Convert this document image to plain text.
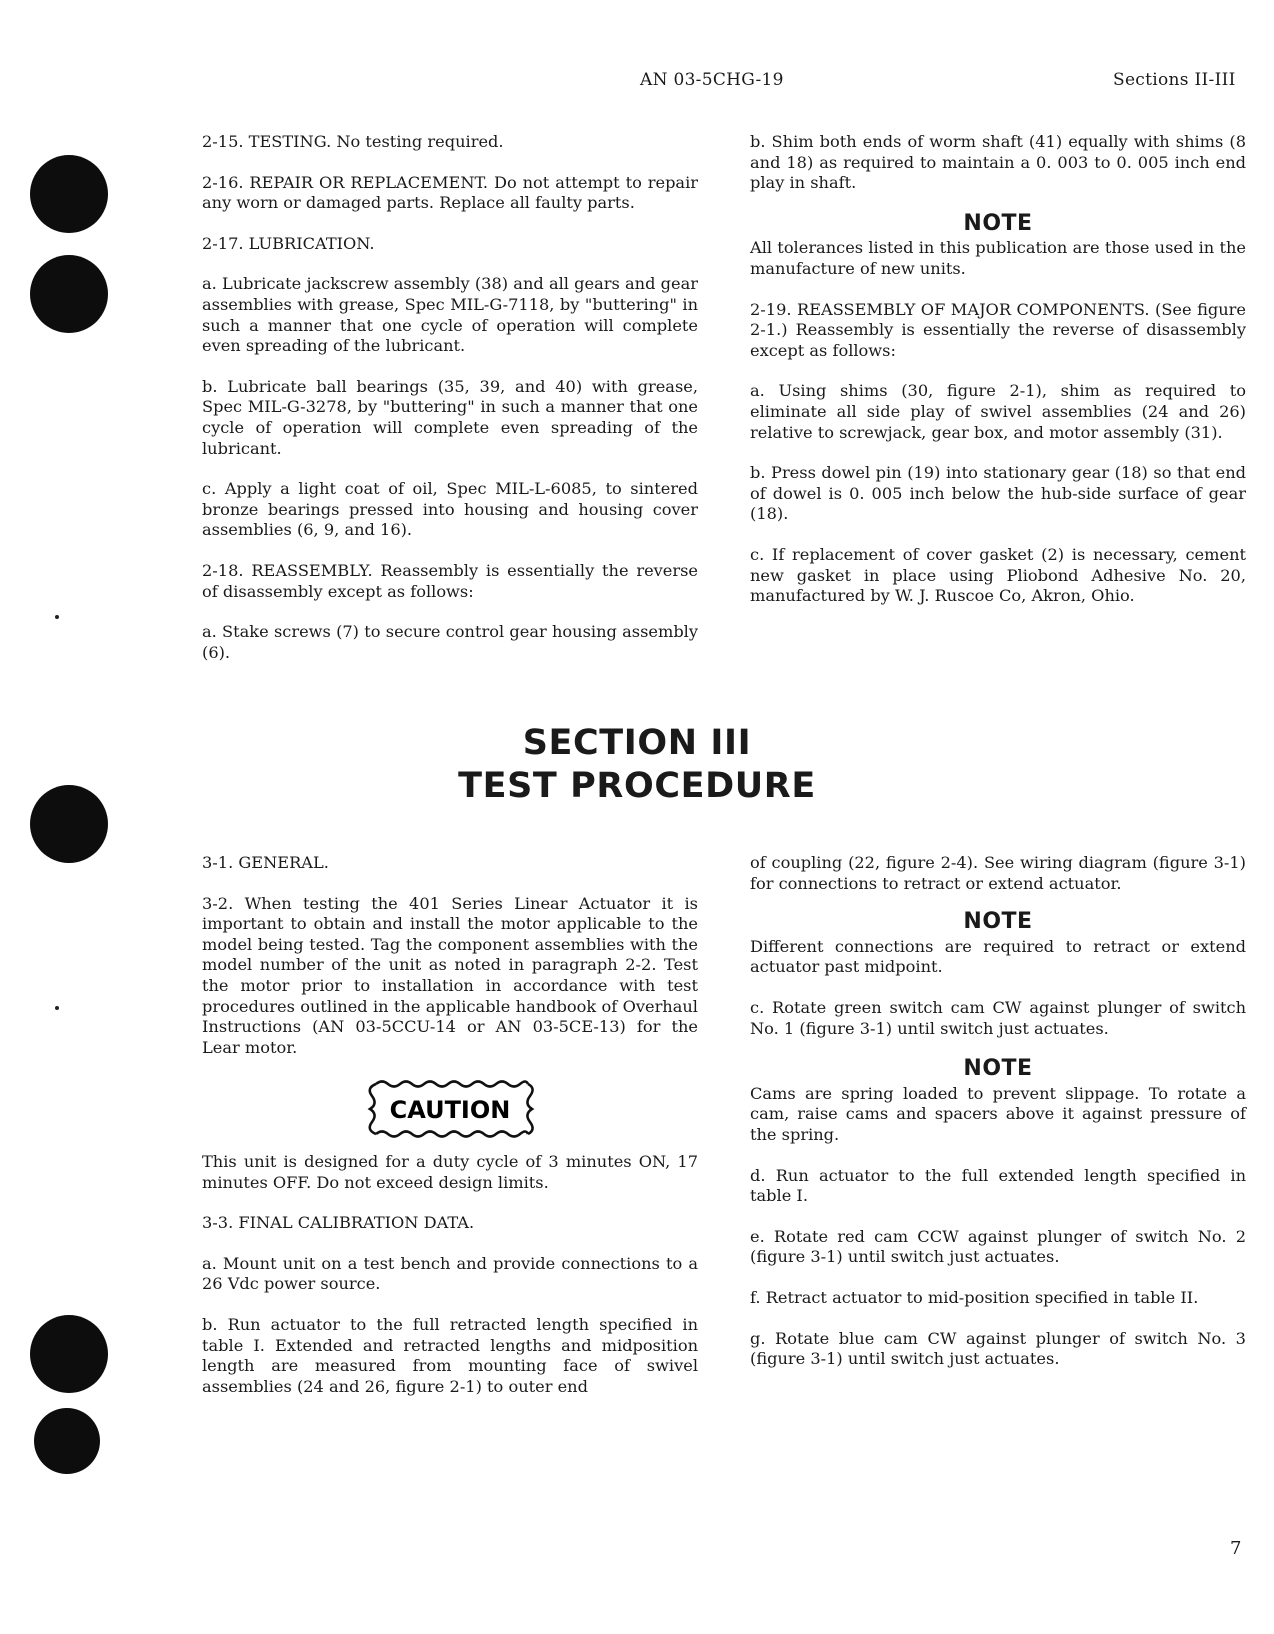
AN 03-5CHG-19	Sections II-III

2-15. TESTING. No testing required.

2-16. REPAIR OR REPLACEMENT. Do not attempt to repair any worn or damaged parts. Replace all faulty parts.

2-17. LUBRICATION.

a. Lubricate jackscrew assembly (38) and all gears and gear assemblies with grease, Spec MIL-G-7118, by "buttering" in such a manner that one cycle of operation will complete even spreading of the lubricant.

b. Lubricate ball bearings (35, 39, and 40) with grease, Spec MIL-G-3278, by "buttering" in such a manner that one cycle of operation will complete even spreading of the lubricant.

c. Apply a light coat of oil, Spec MIL-L-6085, to sintered bronze bearings pressed into housing and housing cover assemblies (6, 9, and 16).

2-18. REASSEMBLY. Reassembly is essentially the reverse of disassembly except as follows:

a. Stake screws (7) to secure control gear housing assembly (6).

b. Shim both ends of worm shaft (41) equally with shims (8 and 18) as required to maintain a 0. 003 to 0. 005 inch end play in shaft.

NOTE

All tolerances listed in this publication are those used in the manufacture of new units.

2-19. REASSEMBLY OF MAJOR COMPONENTS. (See figure 2-1.) Reassembly is essentially the reverse of disassembly except as follows:

a. Using shims (30, figure 2-1), shim as required to eliminate all side play of swivel assemblies (24 and 26) relative to screwjack, gear box, and motor assembly (31).

b. Press dowel pin (19) into stationary gear (18) so that end of dowel is 0. 005 inch below the hub-side surface of gear (18).

c. If replacement of cover gasket (2) is necessary, cement new gasket in place using Pliobond Adhesive No. 20, manufactured by W. J. Ruscoe Co, Akron, Ohio.

SECTION III
TEST PROCEDURE

3-1. GENERAL.

3-2. When testing the 401 Series Linear Actuator it is important to obtain and install the motor applicable to the model being tested. Tag the component assemblies with the model number of the unit as noted in paragraph 2-2. Test the motor prior to installation in accordance with test procedures outlined in the applicable handbook of Overhaul Instructions (AN 03-5CCU-14 or AN 03-5CE-13) for the Lear motor.

CAUTION

This unit is designed for a duty cycle of 3 minutes ON, 17 minutes OFF. Do not exceed design limits.

3-3. FINAL CALIBRATION DATA.

a. Mount unit on a test bench and provide connections to a 26 Vdc power source.

b. Run actuator to the full retracted length specified in table I. Extended and retracted lengths and midposition length are measured from mounting face of swivel assemblies (24 and 26, figure 2-1) to outer end

of coupling (22, figure 2-4). See wiring diagram (figure 3-1) for connections to retract or extend actuator.

NOTE

Different connections are required to retract or extend actuator past midpoint.

c. Rotate green switch cam CW against plunger of switch No. 1 (figure 3-1) until switch just actuates.

NOTE

Cams are spring loaded to prevent slippage. To rotate a cam, raise cams and spacers above it against pressure of the spring.

d. Run actuator to the full extended length specified in table I.

e. Rotate red cam CCW against plunger of switch No. 2 (figure 3-1) until switch just actuates.

f. Retract actuator to mid-position specified in table II.

g. Rotate blue cam CW against plunger of switch No. 3 (figure 3-1) until switch just actuates.

7
